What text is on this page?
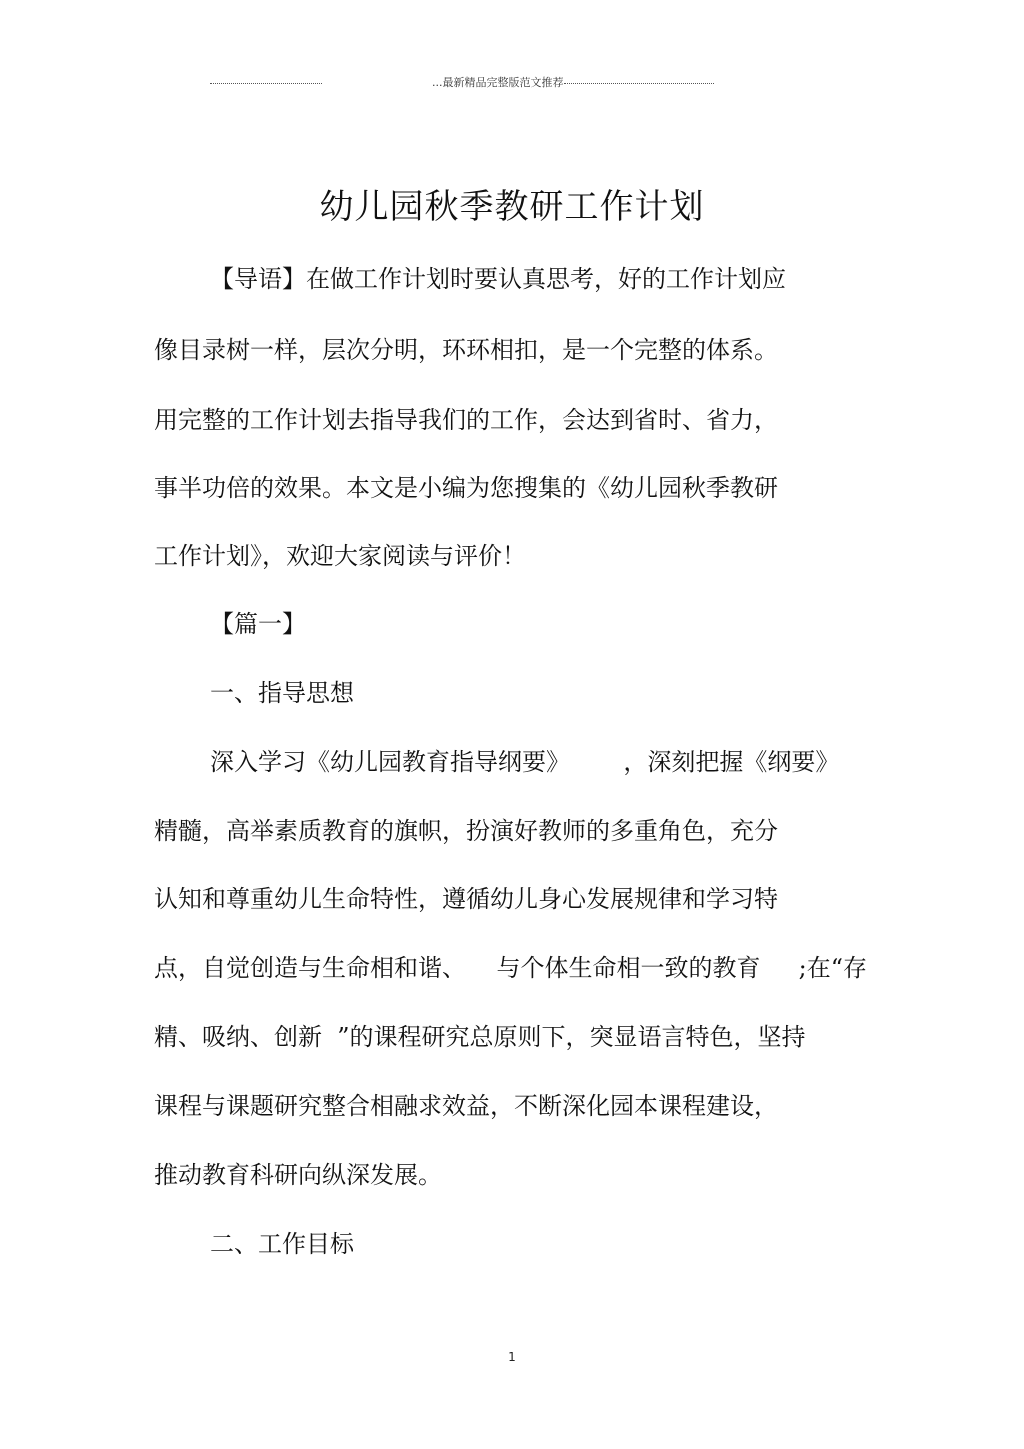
...最新精品完整版范文推荐
幼儿园秋季教研工作计划

【导语】在做工作计划时要认真思考，好的工作计划应

像目录树一样，层次分明，环环相扣，是一个完整的体系。

用完整的工作计划去指导我们的工作，会达到省时、省力，

事半功倍的效果。本文是小编为您搜集的《幼儿园秋季教研

工作计划》，欢迎大家阅读与评价！

【篇一】

一、指导思想

深入学习《幼儿园教育指导纲要》       ，深刻把握《纲要》

精髓，高举素质教育的旗帜，扮演好教师的多重角色，充分

认知和尊重幼儿生命特性，遵循幼儿身心发展规律和学习特

点，自觉创造与生命相和谐、    与个体生命相一致的教育     ;在“存

精、吸纳、创新  ”的课程研究总原则下，突显语言特色，坚持

课程与课题研究整合相融求效益，不断深化园本课程建设，

推动教育科研向纵深发展。

二、工作目标

1
